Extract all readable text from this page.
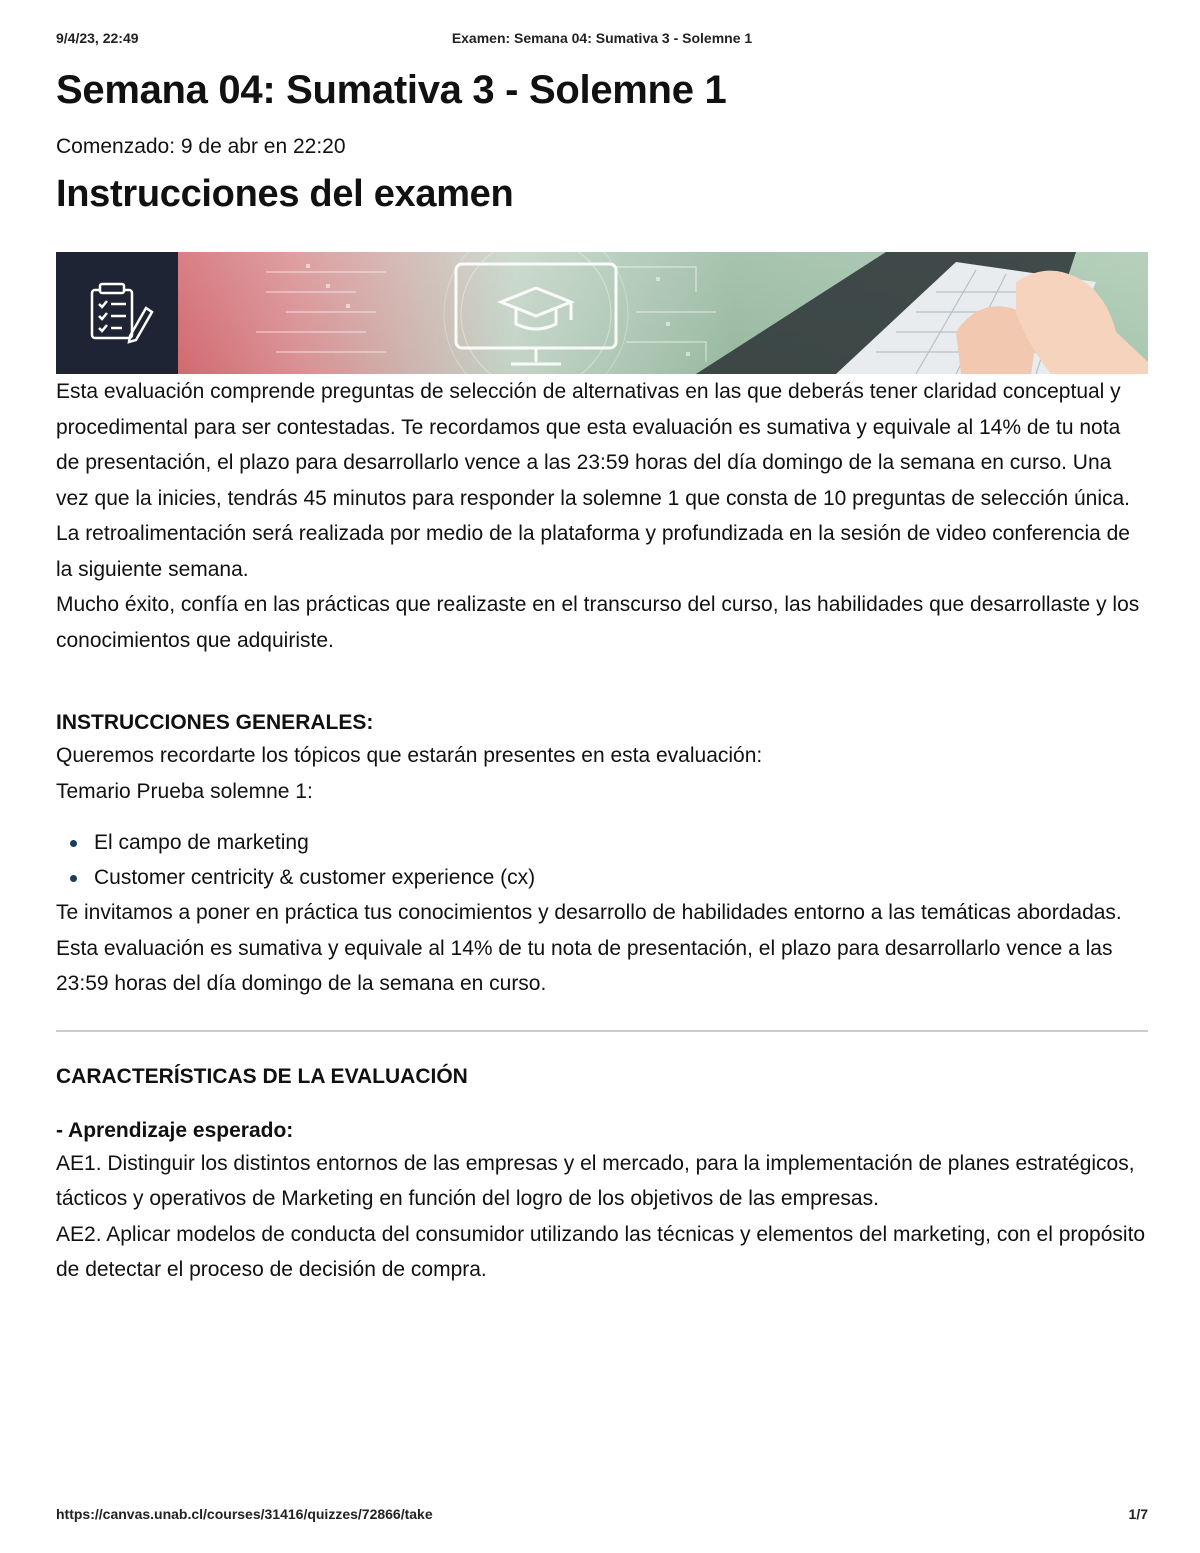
9/4/23, 22:49	Examen: Semana 04: Sumativa 3 - Solemne 1
Semana 04: Sumativa 3 - Solemne 1
Comenzado: 9 de abr en 22:20
Instrucciones del examen

Esta evaluación comprende preguntas de selección de alternativas en las que deberás tener claridad conceptual y procedimental para ser contestadas. Te recordamos que esta evaluación es sumativa y equivale al 14% de tu nota de presentación, el plazo para desarrollarlo vence a las 23:59 horas del día domingo de la semana en curso. Una vez que la inicies, tendrás 45 minutos para responder la solemne 1 que consta de 10 preguntas de selección única. La retroalimentación será realizada por medio de la plataforma y profundizada en la sesión de video conferencia de la siguiente semana.

Mucho éxito, confía en las prácticas que realizaste en el transcurso del curso, las habilidades que desarrollaste y los conocimientos que adquiriste.

INSTRUCCIONES GENERALES:

Queremos recordarte los tópicos que estarán presentes en esta evaluación:

Temario Prueba solemne 1:

El campo de marketing
Customer centricity & customer experience (cx)

Te invitamos a poner en práctica tus conocimientos y desarrollo de habilidades entorno a las temáticas abordadas.

Esta evaluación es sumativa y equivale al 14% de tu nota de presentación, el plazo para desarrollarlo vence a las 23:59 horas del día domingo de la semana en curso.

CARACTERÍSTICAS DE LA EVALUACIÓN

- Aprendizaje esperado:

AE1. Distinguir los distintos entornos de las empresas y el mercado, para la implementación de planes estratégicos, tácticos y operativos de Marketing en función del logro de los objetivos de las empresas.

AE2. Aplicar modelos de conducta del consumidor utilizando las técnicas y elementos del marketing, con el propósito de detectar el proceso de decisión de compra.

https://canvas.unab.cl/courses/31416/quizzes/72866/take	1/7
